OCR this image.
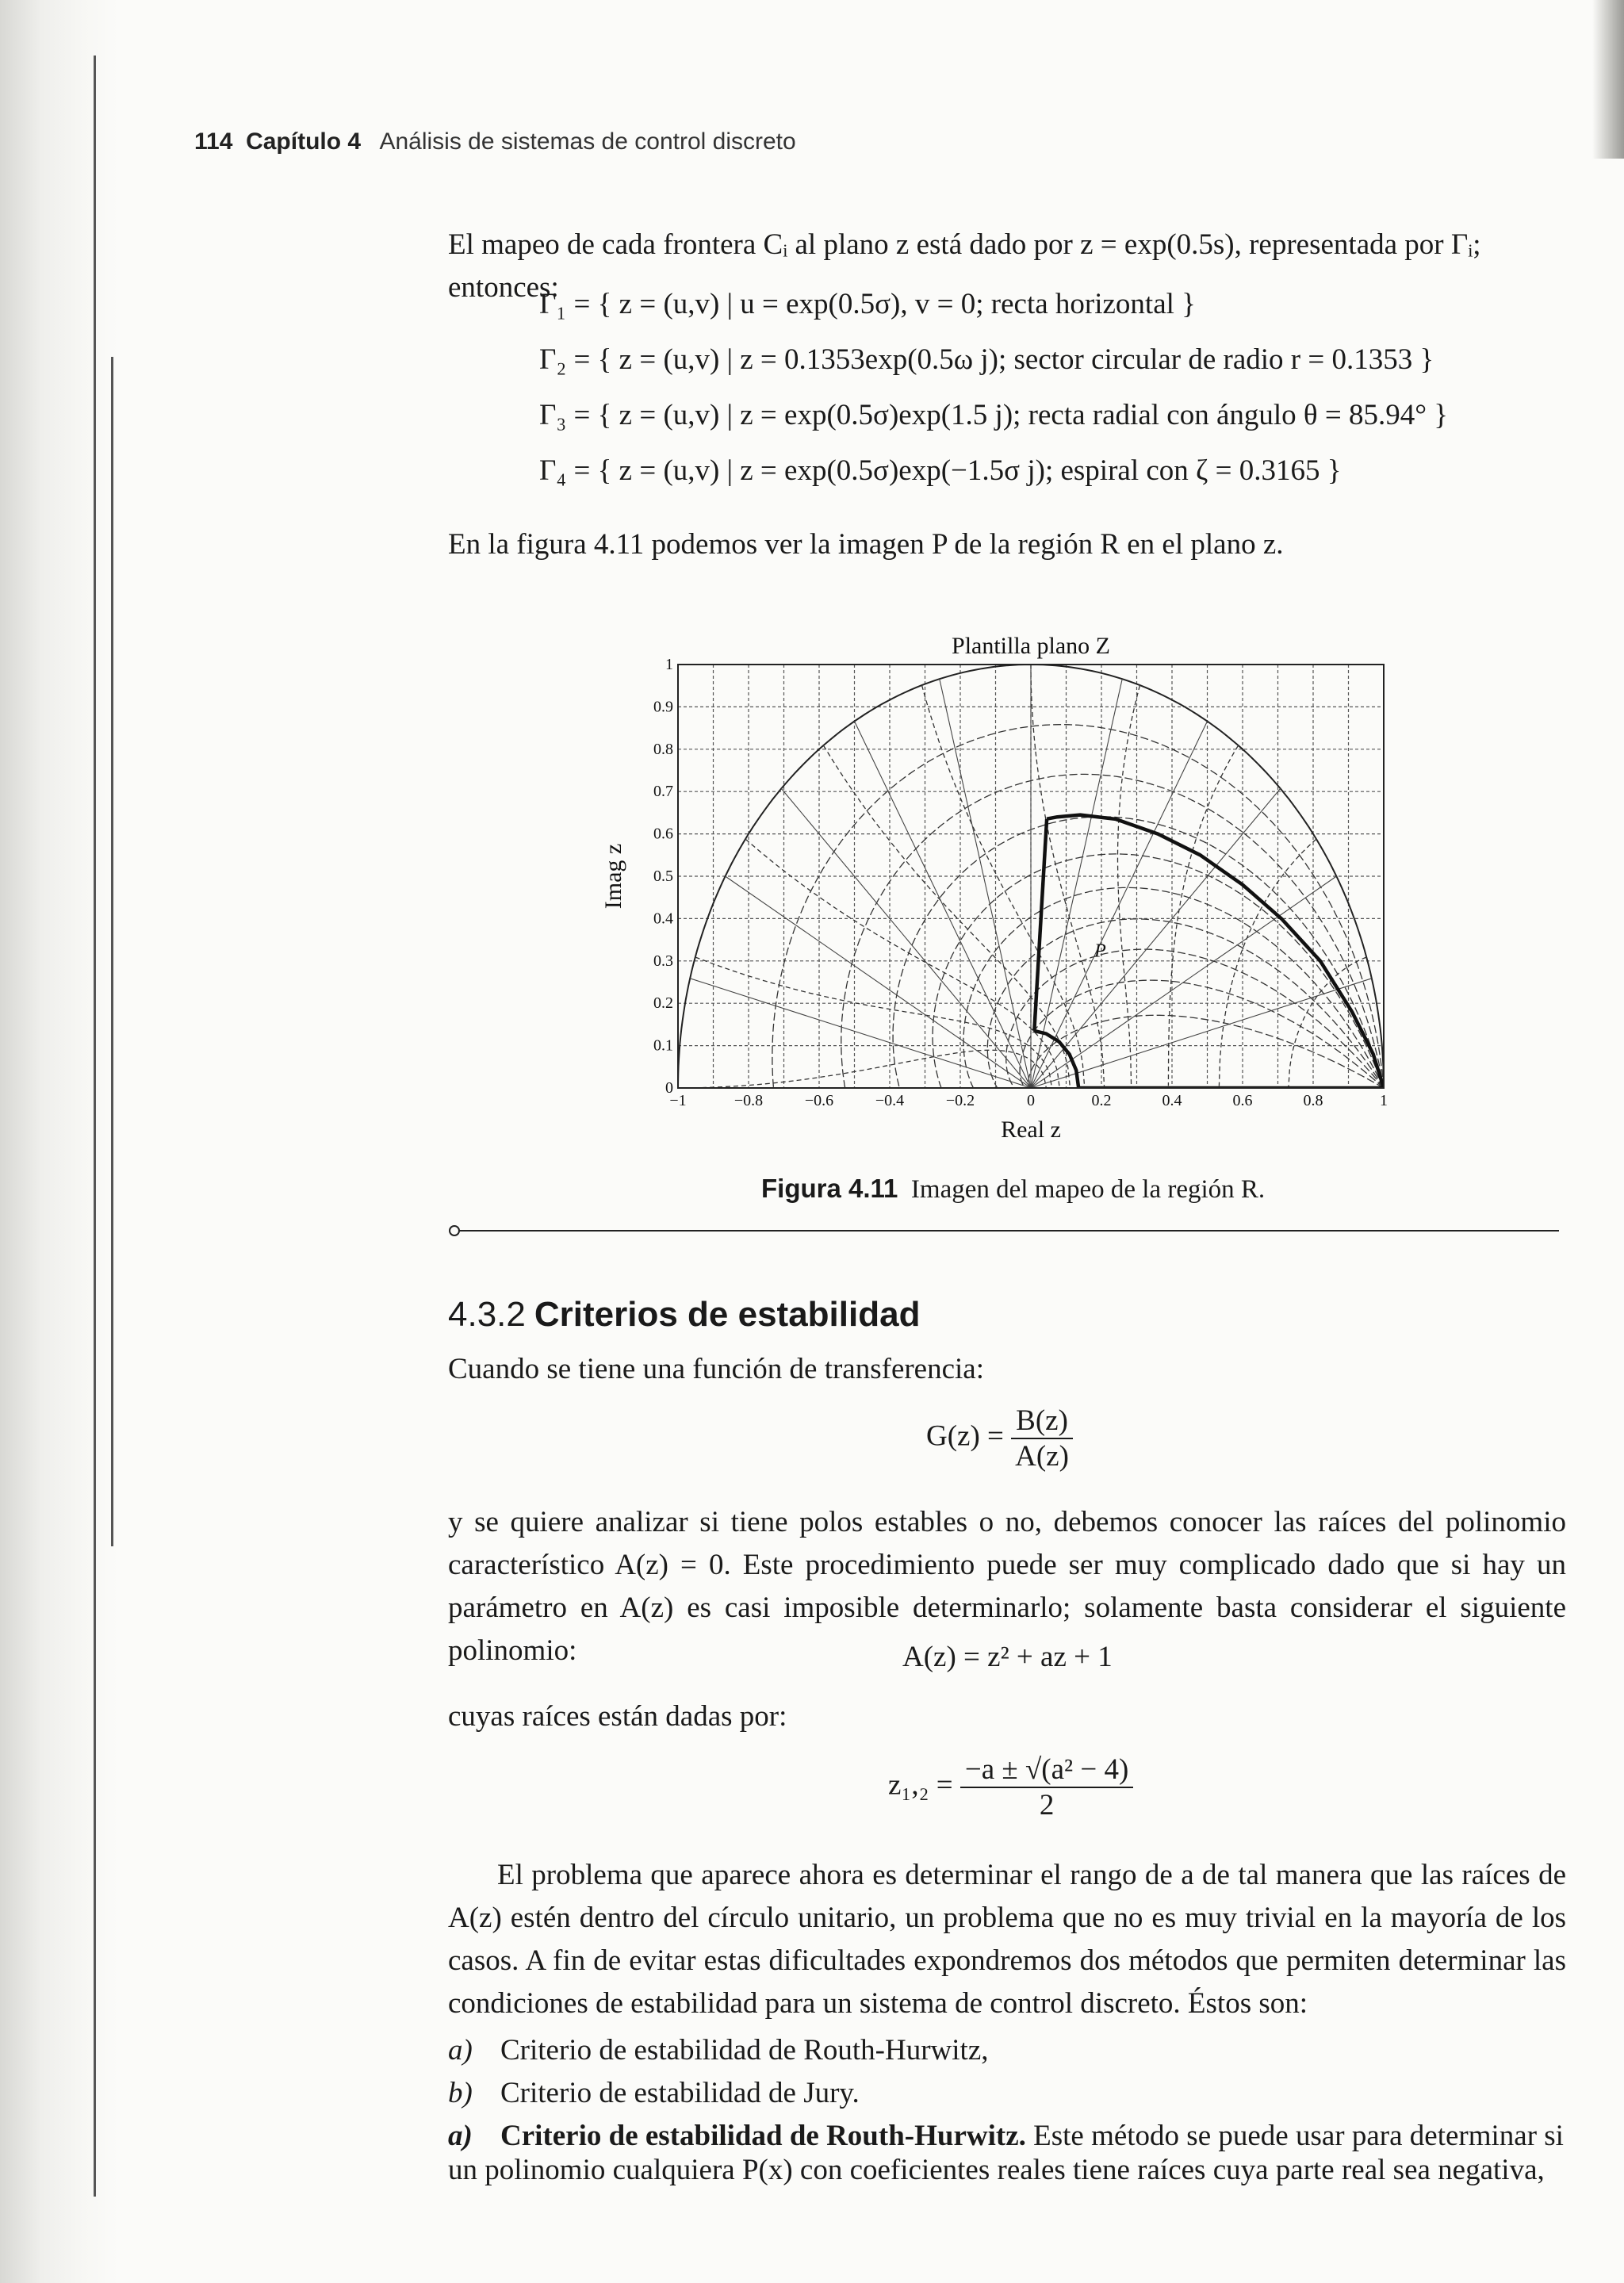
114 Capítulo 4 Análisis de sistemas de control discreto

El mapeo de cada frontera Cᵢ al plano z está dado por z = exp(0.5s), representada por Γᵢ; entonces:

Γ₁ = { z = (u,v) | u = exp(0.5σ), v = 0; recta horizontal }
Γ₂ = { z = (u,v) | z = 0.1353exp(0.5ω j); sector circular de radio r = 0.1353 }
Γ₃ = { z = (u,v) | z = exp(0.5σ)exp(1.5 j); recta radial con ángulo θ = 85.94° }
Γ₄ = { z = (u,v) | z = exp(0.5σ)exp(−1.5σ j); espiral con ζ = 0.3165 }

En la figura 4.11 podemos ver la imagen P de la región R en el plano z.

−1	−0.8	−0.6	−0.4	−0.2	0	0.2	0.4	0.6	0.8	1
0
0.1
0.2
0.3
0.4
0.5
0.6
0.7
0.8
0.9
1
Plantilla plano Z
Real z
Imag z
P
Figura 4.11 Imagen del mapeo de la región R.
4.3.2 Criterios de estabilidad

Cuando se tiene una función de transferencia:

$G(z) = \frac{B(z)}{A(z)}$

y se quiere analizar si tiene polos estables o no, debemos conocer las raíces del polinomio característico A(z) = 0. Este procedimiento puede ser muy complicado dado que si hay un parámetro en A(z) es casi imposible determinarlo; solamente basta considerar el siguiente polinomio:	A(z) = z² + az + 1

cuyas raíces están dadas por:

$z_1,_2 = \frac{\text{−a ± √(a² − 4)}}{2}$

El problema que aparece ahora es determinar el rango de a de tal manera que las raíces de A(z) estén dentro del círculo unitario, un problema que no es muy trivial en la mayoría de los casos. A fin de evitar estas dificultades expondremos dos métodos que permiten determinar las condiciones de estabilidad para un sistema de control discreto. Éstos son:

a) Criterio de estabilidad de Routh-Hurwitz,
b) Criterio de estabilidad de Jury.
a) Criterio de estabilidad de Routh-Hurwitz. Este método se puede usar para determinar si un polinomio cualquiera P(x) con coeficientes reales tiene raíces cuya parte real sea negativa,
